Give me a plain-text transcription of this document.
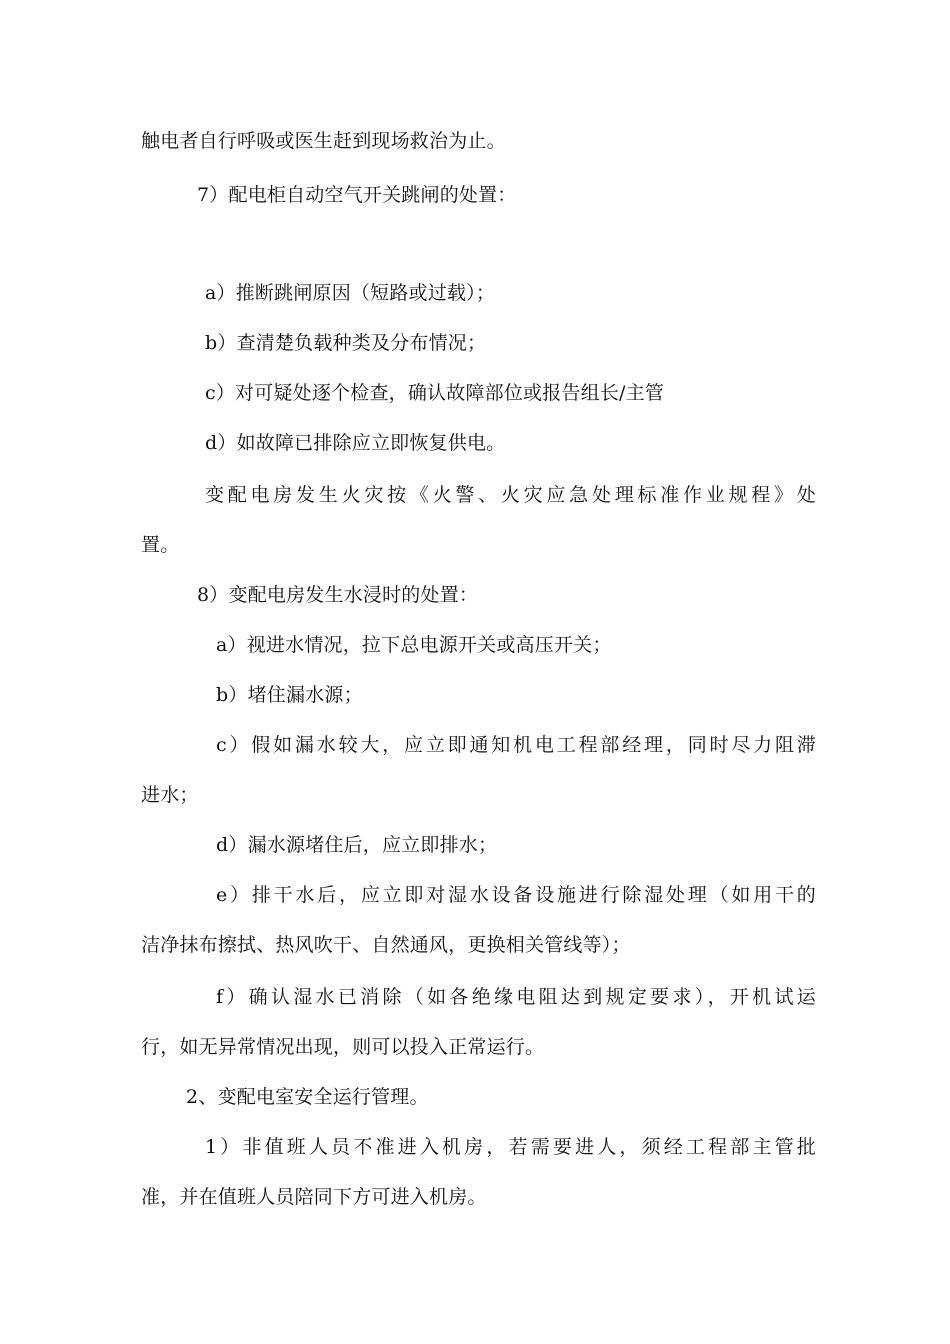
触电者自行呼吸或医生赶到现场救治为止。
7）配电柜自动空气开关跳闸的处置：
a）推断跳闸原因（短路或过载）；
b）查清楚负载种类及分布情况；
c）对可疑处逐个检查，确认故障部位或报告组长/主管
d）如故障已排除应立即恢复供电。
变配电房发生火灾按《火警、火灾应急处理标准作业规程》处
置。
8）变配电房发生水浸时的处置：
a）视进水情况，拉下总电源开关或高压开关；
b）堵住漏水源；
c）假如漏水较大，应立即通知机电工程部经理，同时尽力阻滞
进水；
d）漏水源堵住后，应立即排水；
e）排干水后，应立即对湿水设备设施进行除湿处理（如用干的
洁净抹布擦拭、热风吹干、自然通风，更换相关管线等）；
f）确认湿水已消除（如各绝缘电阻达到规定要求），开机试运
行，如无异常情况出现，则可以投入正常运行。
2、变配电室安全运行管理。
1）非值班人员不准进入机房，若需要进人，须经工程部主管批
准，并在值班人员陪同下方可进入机房。
